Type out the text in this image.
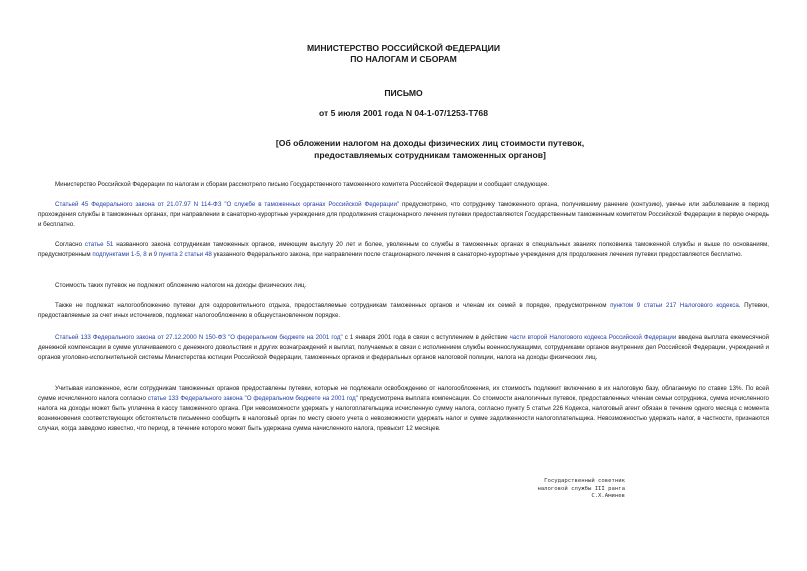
МИНИСТЕРСТВО РОССИЙСКОЙ ФЕДЕРАЦИИ

ПО НАЛОГАМ И СБОРАМ

ПИСЬМО

от 5 июля 2001 года N 04-1-07/1253-Т768

[Об обложении налогом на доходы физических лиц стоимости путевок,

предоставляемых сотрудникам таможенных органов]

Министерство Российской Федерации по налогам и сборам рассмотрело письмо Государственного таможенного комитета Российской Федерации и сообщает следующее.

Статьей 45 Федерального закона от 21.07.97 N 114-ФЗ "О службе в таможенных органах Российской Федерации" предусмотрено, что сотруднику таможенного органа, получившему ранение (контузию), увечье или заболевание в период прохождения службы в таможенных органах, при направлении в санаторно-курортные учреждения для продолжения стационарного лечения путевки предоставляются Государственным таможенным комитетом Российской Федерации в первую очередь и бесплатно.

Согласно статье 51 названного закона сотрудникам таможенных органов, имеющим выслугу 20 лет и более, уволенным со службы в таможенных органах в специальных званиях полковника таможенной службы и выше по основаниям, предусмотренным подпунктами 1-5, 8 и 9 пункта 2 статьи 48 указанного Федерального закона, при направлении после стационарного лечения в санаторно-курортные учреждения для продолжения лечения путевки предоставляются бесплатно.

Стоимость таких путевок не подлежит обложению налогом на доходы физических лиц.

Также не подлежат налогообложению путевки для оздоровительного отдыха, предоставляемые сотрудникам таможенных органов и членам их семей в порядке, предусмотренном пунктом 9 статьи 217 Налогового кодекса. Путевки, предоставляемые за счет иных источников, подлежат налогообложению в общеустановленном порядке.

Статьей 133 Федерального закона от 27.12.2000 N 150-ФЗ "О федеральном бюджете на 2001 год" с 1 января 2001 года в связи с вступлением в действие части второй Налогового кодекса Российской Федерации введена выплата ежемесячной денежной компенсации в сумме уплачиваемого с денежного довольствия и других вознаграждений и выплат, получаемых в связи с исполнением службы военнослужащими, сотрудниками органов внутренних дел Российской Федерации, учреждений и органов уголовно-исполнительной системы Министерства юстиции Российской Федерации, таможенных органов и федеральных органов налоговой полиции, налога на доходы физических лиц.

Учитывая изложенное, если сотрудникам таможенных органов предоставлены путевки, которые не подлежали освобождению от налогообложения, их стоимость подлежит включению в их налоговую базу, облагаемую по ставке 13%. По всей сумме исчисленного налога согласно статье 133 Федерального закона "О федеральном бюджете на 2001 год" предусмотрена выплата компенсации. Со стоимости аналогичных путевок, предоставленных членам семьи сотрудника, сумма исчисленного налога на доходы может быть уплачена в кассу таможенного органа. При невозможности удержать у налогоплательщика исчисленную сумму налога, согласно пункту 5 статьи 226 Кодекса, налоговый агент обязан в течение одного месяца с момента возникновения соответствующих обстоятельств письменно сообщить в налоговый орган по месту своего учета о невозможности удержать налог и сумме задолженности налогоплательщика. Невозможностью удержать налог, в частности, признаются случаи, когда заведомо известно, что период, в течение которого может быть удержана сумма начисленного налога, превысит 12 месяцев.

Государственный советник
налоговой службы III ранга
С.Х.Аминев
